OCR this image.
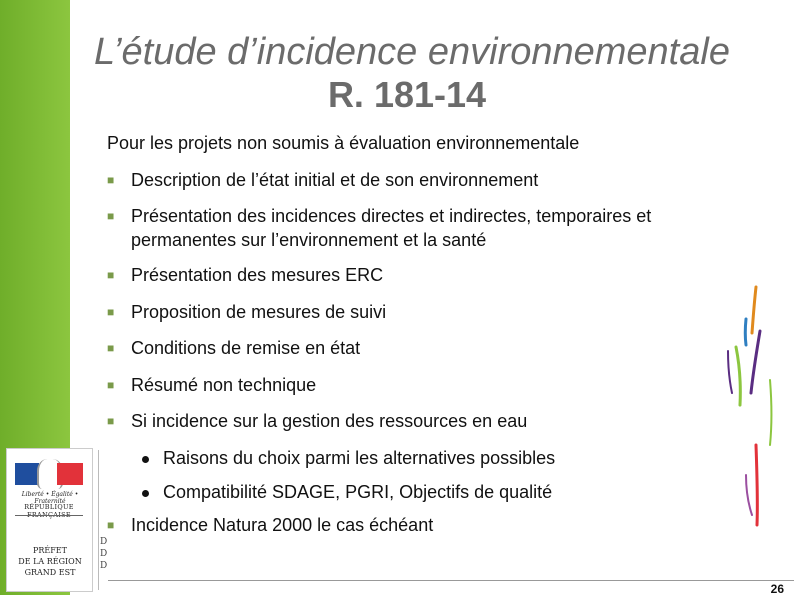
L’étude d’incidence environnementale
R. 181-14
Pour les projets non soumis à évaluation environnementale
■ Description de l’état initial et de son environnement
■ Présentation des incidences directes et indirectes, temporaires et permanentes sur l’environnement et la santé
■ Présentation des mesures ERC
■ Proposition de mesures de suivi
■ Conditions de remise en état
■ Résumé non technique
■ Si incidence sur la gestion des ressources en eau
Raisons du choix parmi les alternatives possibles
Compatibilité SDAGE, PGRI, Objectifs de qualité
■ Incidence Natura 2000 le cas échéant
Liberté • Égalité • Fraternité
RÉPUBLIQUE FRANÇAISE
PRÉFET
DE LA RÉGION
GRAND EST
D
D
D
26
